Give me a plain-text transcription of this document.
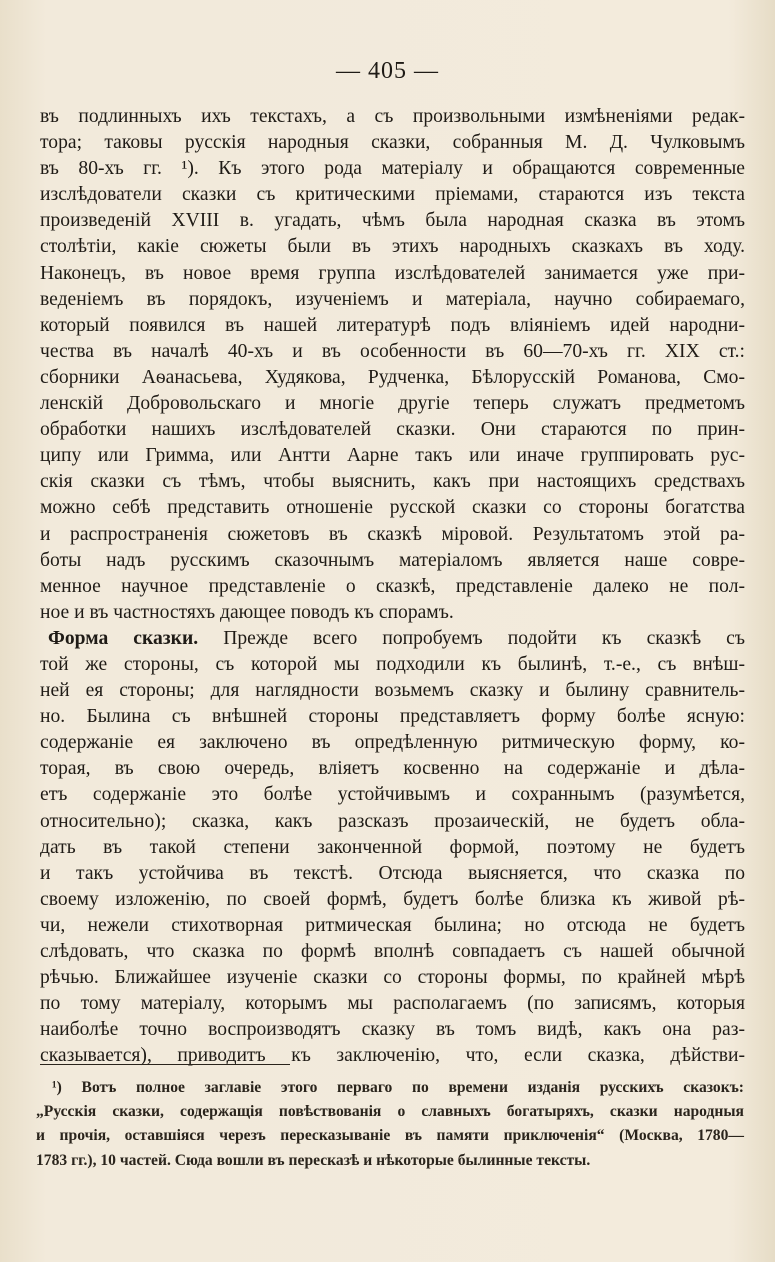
— 405 —
въ подлинныхъ ихъ текстахъ, а съ произвольными измѣненіями редак-
тора; таковы русскія народныя сказки, собранныя М. Д. Чулковымъ
въ 80-хъ гг. ¹). Къ этого рода матеріалу и обращаются современные
изслѣдователи сказки съ критическими пріемами, стараются изъ текста
произведеній XVIII в. угадать, чѣмъ была народная сказка въ этомъ
столѣтіи, какіе сюжеты были въ этихъ народныхъ сказкахъ въ ходу.
Наконецъ, въ новое время группа изслѣдователей занимается уже при-
веденіемъ въ порядокъ, изученіемъ и матеріала, научно собираемаго,
который появился въ нашей литературѣ подъ вліяніемъ идей народни-
чества въ началѣ 40-хъ и въ особенности въ 60—70-хъ гг. XIX ст.:
сборники Аѳанасьева, Худякова, Рудченка, Бѣлорусскій Романова, Смо-
ленскій Добровольскаго и многіе другіе теперь служатъ предметомъ
обработки нашихъ изслѣдователей сказки. Они стараются по прин-
ципу или Гримма, или Антти Аарне такъ или иначе группировать рус-
скія сказки съ тѣмъ, чтобы выяснить, какъ при настоящихъ средствахъ
можно себѣ представить отношеніе русской сказки со стороны богатства
и распространенія сюжетовъ въ сказкѣ міровой. Результатомъ этой ра-
боты надъ русскимъ сказочнымъ матеріаломъ является наше совре-
менное научное представленіе о сказкѣ, представленіе далеко не пол-
ное и въ частностяхъ дающее поводъ къ спорамъ.
Форма сказки. Прежде всего попробуемъ подойти къ сказкѣ съ
той же стороны, съ которой мы подходили къ былинѣ, т.-е., съ внѣш-
ней ея стороны; для наглядности возьмемъ сказку и былину сравнитель-
но. Былина съ внѣшней стороны представляетъ форму болѣе ясную:
содержаніе ея заключено въ опредѣленную ритмическую форму, ко-
торая, въ свою очередь, вліяетъ косвенно на содержаніе и дѣла-
етъ содержаніе это болѣе устойчивымъ и сохраннымъ (разумѣется,
относительно); сказка, какъ разсказъ прозаическій, не будетъ обла-
дать въ такой степени законченной формой, поэтому не будетъ
и такъ устойчива въ текстѣ. Отсюда выясняется, что сказка по
своему изложенію, по своей формѣ, будетъ болѣе близка къ живой рѣ-
чи, нежели стихотворная ритмическая былина; но отсюда не будетъ
слѣдовать, что сказка по формѣ вполнѣ совпадаетъ съ нашей обычной
рѣчью. Ближайшее изученіе сказки со стороны формы, по крайней мѣрѣ
по тому матеріалу, которымъ мы располагаемъ (по записямъ, которыя
наиболѣе точно воспроизводятъ сказку въ томъ видѣ, какъ она раз-
сказывается), приводитъ къ заключенію, что, если сказка, дѣйстви-
¹) Вотъ полное заглавіе этого перваго по времени изданія русскихъ сказокъ:
„Русскія сказки, содержащія повѣствованія о славныхъ богатыряхъ, сказки народныя
и прочія, оставшіяся черезъ пересказываніе въ памяти приключенія“ (Москва, 1780—
1783 гг.), 10 частей. Сюда вошли въ пересказѣ и нѣкоторые былинные тексты.
